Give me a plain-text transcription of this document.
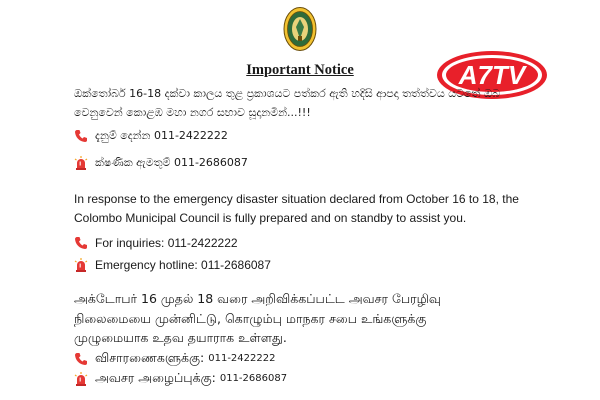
Important Notice	A7TV
ඔක්තෝබර් 16-18 දක්වා කාලය තුළ ප්‍රකාශයට පත්කර ඇති හදිසි ආපදා තත්ත්වය යටතේ ඔබ
වෙනුවෙන් කොළඹ මහා නගර සභාව සූදානමින්...!!!
දැනුම් දෙන්න 011-2422222
ක්ෂණික ඇමතුම් 011-2686087
In response to the emergency disaster situation declared from October 16 to 18, the
Colombo Municipal Council is fully prepared and on standby to assist you.
For inquiries: 011-2422222
Emergency hotline: 011-2686087
அக்டோபர் 16 முதல் 18 வரை அறிவிக்கப்பட்ட அவசர பேரழிவு
நிலைமையை முன்னிட்டு, கொழும்பு மாநகர சபை உங்களுக்கு
முழுமையாக உதவ தயாராக உள்ளது.
விசாரணைகளுக்கு: 011-2422222
அவசர அழைப்புக்கு: 011-2686087
